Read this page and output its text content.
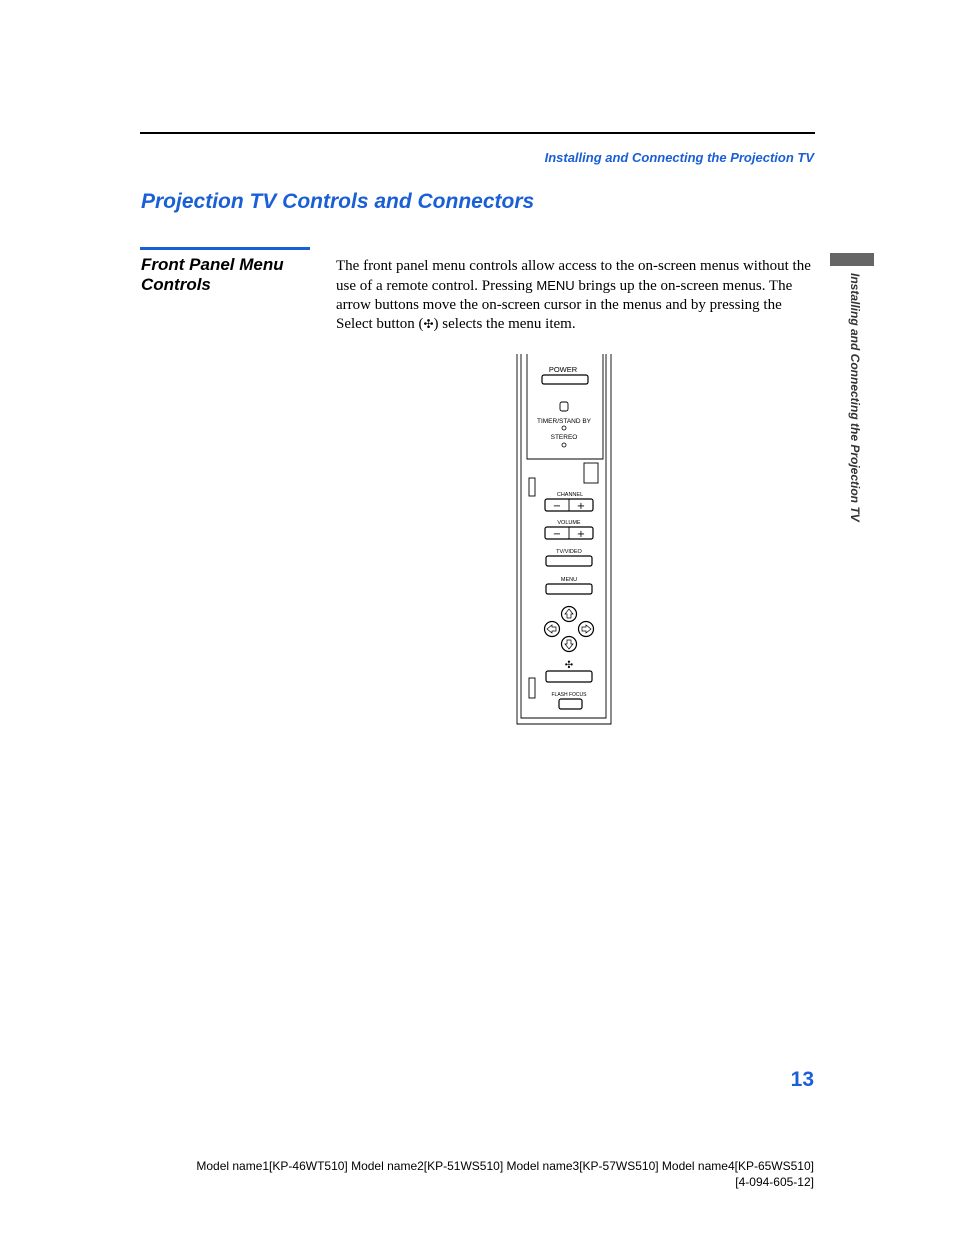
Installing and Connecting the Projection TV
Projection TV Controls and Connectors
Front Panel Menu Controls

The front panel menu controls allow access to the on-screen menus without the use of a remote control. Pressing MENU brings up the on-screen menus. The arrow buttons move the on-screen cursor in the menus and by pressing the Select button (✣) selects the menu item.	Installing and Connecting the Projection TV
POWER
TIMER/STAND BY
STEREO
CHANNEL
− +
VOLUME
− +
TV/VIDEO
MENU
✣
FLASH FOCUS
13
Model name1[KP-46WT510] Model name2[KP-51WS510] Model name3[KP-57WS510] Model name4[KP-65WS510]
[4-094-605-12]
